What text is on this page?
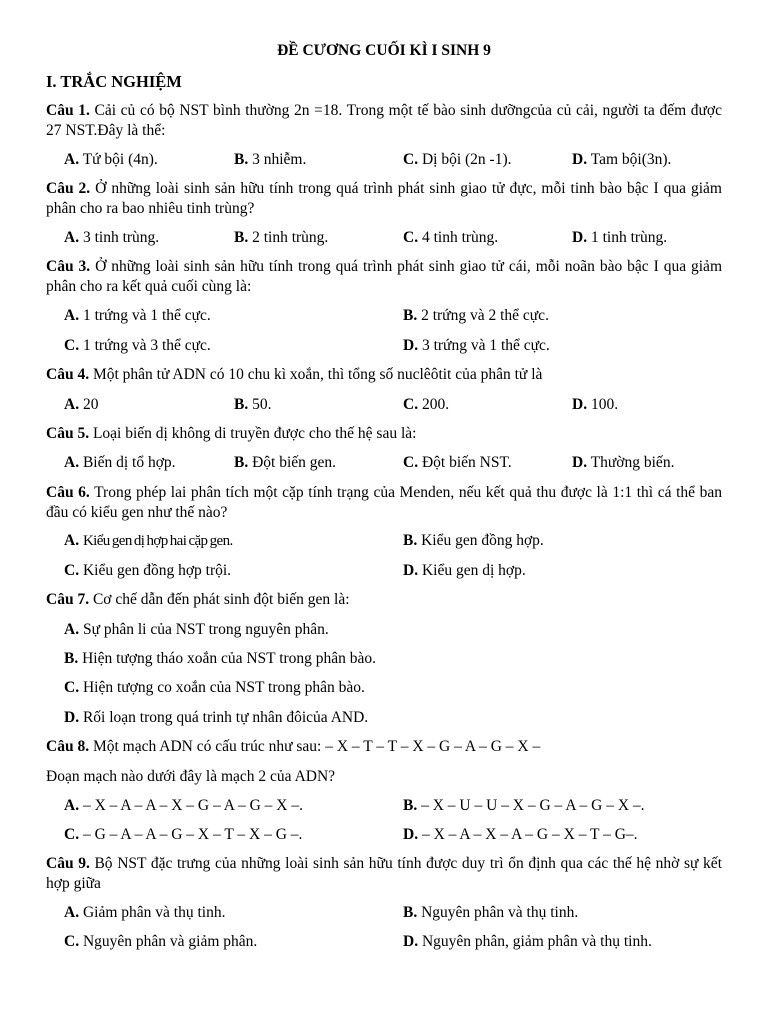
ĐỀ CƯƠNG CUỐI KÌ I SINH 9
I. TRẮC NGHIỆM
Câu 1. Cải củ có bộ NST bình thường 2n =18. Trong một tế bào sinh dưỡngcủa củ cải, người ta đếm được 27 NST.Đây là thể:
A. Tứ bội (4n).	B. 3 nhiễm.	C. Dị bội (2n -1).	D. Tam bội(3n).
Câu 2. Ở những loài sinh sản hữu tính trong quá trình phát sinh giao tử đực, mỗi tinh bào bậc I qua giảm phân cho ra bao nhiêu tinh trùng?
A. 3 tinh trùng.	B. 2 tinh trùng.	C. 4 tinh trùng.	D. 1 tinh trùng.
Câu 3. Ở những loài sinh sản hữu tính trong quá trình phát sinh giao tử cái, mỗi noãn bào bậc I qua giảm phân cho ra kết quả cuối cùng là:
A. 1 trứng và 1 thể cực.	B. 2 trứng và 2 thể cực.
C. 1 trứng và 3 thể cực.	D. 3 trứng và 1 thể cực.
Câu 4. Một phân tử ADN có 10 chu kì xoắn, thì tổng số nuclêôtit của phân tử là
A. 20	B. 50.	C. 200.	D. 100.
Câu 5. Loại biến dị không di truyền được cho thế hệ sau là:
A. Biến dị tổ hợp.	B. Đột biến gen.	C. Đột biến NST.	D. Thường biến.
Câu 6. Trong phép lai phân tích một cặp tính trạng của Menden, nếu kết quả thu được là 1:1 thì cá thể ban đầu có kiểu gen như thế nào?
A. Kiểu gen dị hợp hai cặp gen.	B. Kiểu gen đồng hợp.
C. Kiểu gen đồng hợp trội.	D. Kiểu gen dị hợp.
Câu 7. Cơ chế dẫn đến phát sinh đột biến gen là:
A. Sự phân li của NST trong nguyên phân.
B. Hiện tượng tháo xoắn của NST trong phân bào.
C. Hiện tượng co xoắn của NST trong phân bào.
D. Rối loạn trong quá trinh tự nhân đôicủa AND.
Câu 8. Một mạch ADN có cấu trúc như sau: – X – T – T – X – G – A – G – X –
Đoạn mạch nào dưới đây là mạch 2 của ADN?
A. – X – A – A – X – G – A – G – X –.	B. – X – U – U – X – G – A – G – X –.
C. – G – A – A – G – X – T – X – G –.	D. – X – A – X – A – G – X – T – G–.
Câu 9. Bộ NST đặc trưng của những loài sinh sản hữu tính được duy trì ổn định qua các thế hệ nhờ sự kết hợp giữa
A. Giảm phân và thụ tinh.	B. Nguyên phân và thụ tinh.
C. Nguyên phân và giảm phân.	D. Nguyên phân, giảm phân và thụ tinh.
